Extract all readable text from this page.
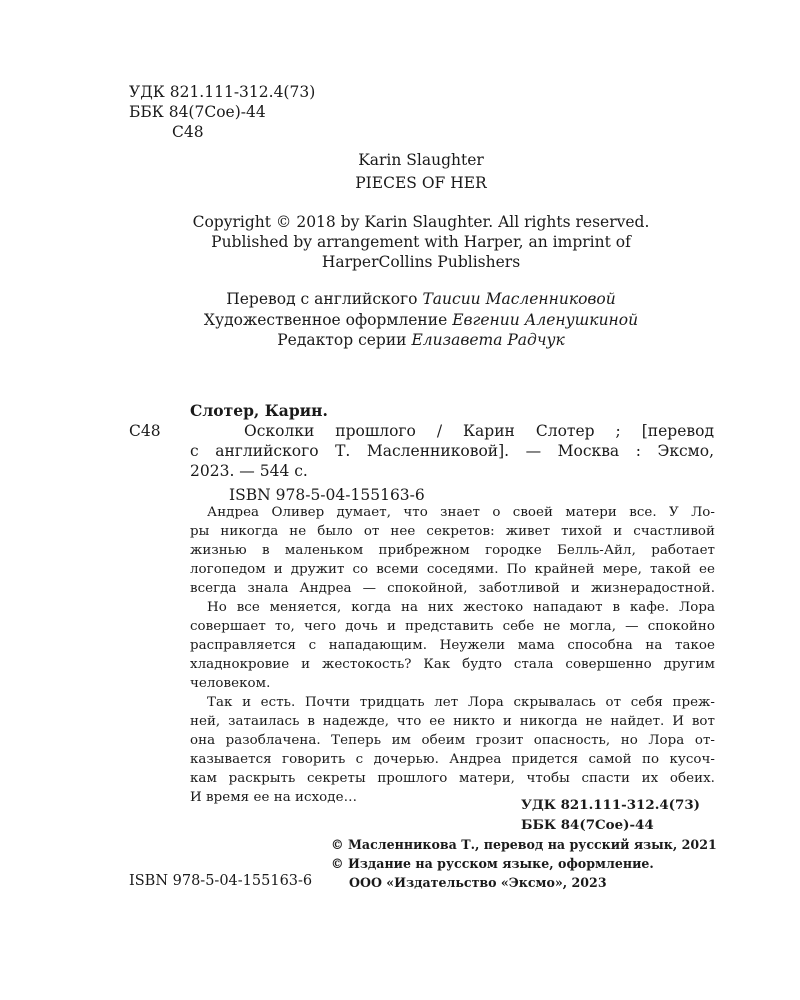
УДК 821.111-312.4(73)
ББК 84(7Сое)-44
С48
Karin Slaughter
PIECES OF HER
Copyright © 2018 by Karin Slaughter. All rights reserved.
Published by arrangement with Harper, an imprint of
HarperCollins Publishers
Перевод с английского Таисии Масленниковой
Художественное оформление Евгении Аленушкиной
Редактор серии Елизавета Радчук
Слотер, Карин.
С48	Осколки прошлого / Карин Слотер ; [перевод
с английского Т. Масленниковой]. — Москва : Эксмо,
2023. — 544 с.
ISBN 978-5-04-155163-6
Андреа Оливер думает, что знает о своей матери все. У Ло-
ры никогда не было от нее секретов: живет тихой и счастливой
жизнью в маленьком прибрежном городке Белль-Айл, работает
логопедом и дружит со всеми соседями. По крайней мере, такой ее
всегда знала Андреа — спокойной, заботливой и жизнерадостной.
Но все меняется, когда на них жестоко нападают в кафе. Лора
совершает то, чего дочь и представить себе не могла, — спокойно
расправляется с нападающим. Неужели мама способна на такое
хладнокровие и жестокость? Как будто стала совершенно другим
человеком.
Так и есть. Почти тридцать лет Лора скрывалась от себя преж-
ней, затаилась в надежде, что ее никто и никогда не найдет. И вот
она разоблачена. Теперь им обеим грозит опасность, но Лора от-
казывается говорить с дочерью. Андреа придется самой по кусоч-
кам раскрыть секреты прошлого матери, чтобы спасти их обеих.
И время ее на исходе…	УДК 821.111-312.4(73)
ББК 84(7Сое)-44
© Масленникова Т., перевод на русский язык, 2021
© Издание на русском языке, оформление.
ООО «Издательство «Эксмо», 2023
ISBN 978-5-04-155163-6
